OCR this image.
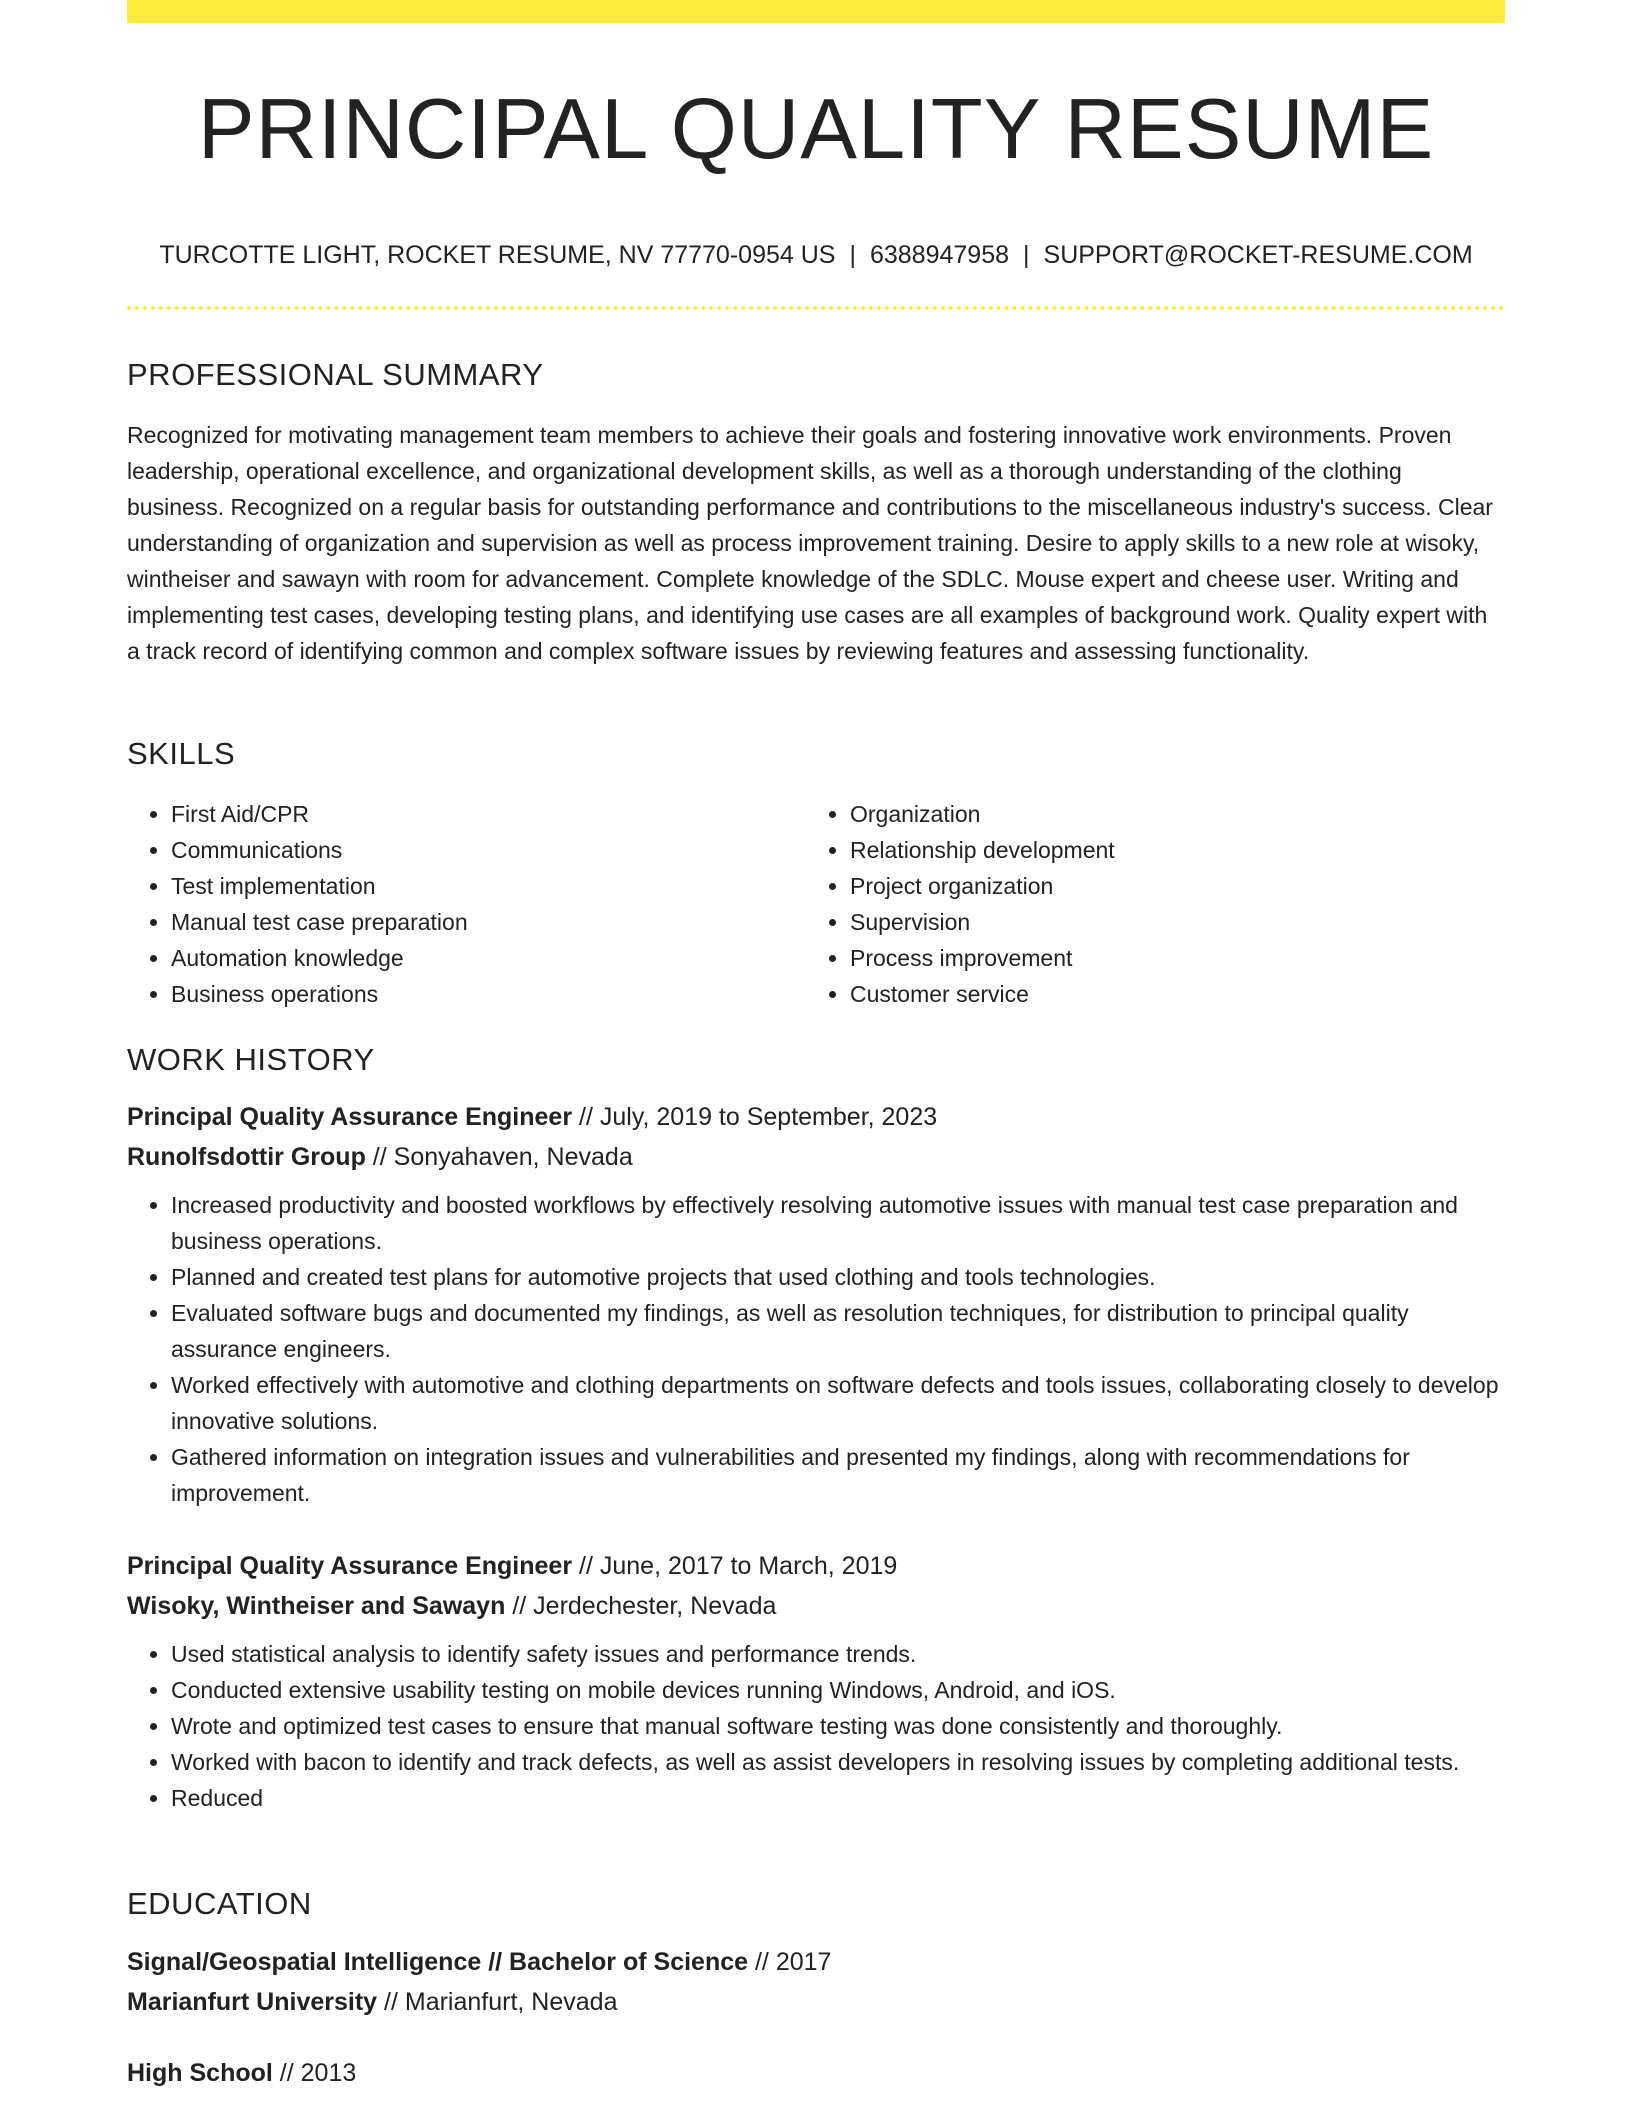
PRINCIPAL QUALITY RESUME
TURCOTTE LIGHT, ROCKET RESUME, NV 77770-0954 US | 6388947958 | SUPPORT@ROCKET-RESUME.COM
PROFESSIONAL SUMMARY

Recognized for motivating management team members to achieve their goals and fostering innovative work environments. Proven leadership, operational excellence, and organizational development skills, as well as a thorough understanding of the clothing business. Recognized on a regular basis for outstanding performance and contributions to the miscellaneous industry's success. Clear understanding of organization and supervision as well as process improvement training. Desire to apply skills to a new role at wisoky, wintheiser and sawayn with room for advancement. Complete knowledge of the SDLC. Mouse expert and cheese user. Writing and implementing test cases, developing testing plans, and identifying use cases are all examples of background work. Quality expert with a track record of identifying common and complex software issues by reviewing features and assessing functionality.

SKILLS
• First Aid/CPR
• Communications
• Test implementation
• Manual test case preparation
• Automation knowledge
• Business operations
• Organization
• Relationship development
• Project organization
• Supervision
• Process improvement
• Customer service
WORK HISTORY
Principal Quality Assurance Engineer // July, 2019 to September, 2023
Runolfsdottir Group // Sonyahaven, Nevada
• Increased productivity and boosted workflows by effectively resolving automotive issues with manual test case preparation and business operations.
• Planned and created test plans for automotive projects that used clothing and tools technologies.
• Evaluated software bugs and documented my findings, as well as resolution techniques, for distribution to principal quality assurance engineers.
• Worked effectively with automotive and clothing departments on software defects and tools issues, collaborating closely to develop innovative solutions.
• Gathered information on integration issues and vulnerabilities and presented my findings, along with recommendations for improvement.
Principal Quality Assurance Engineer // June, 2017 to March, 2019
Wisoky, Wintheiser and Sawayn // Jerdechester, Nevada
• Used statistical analysis to identify safety issues and performance trends.
• Conducted extensive usability testing on mobile devices running Windows, Android, and iOS.
• Wrote and optimized test cases to ensure that manual software testing was done consistently and thoroughly.
• Worked with bacon to identify and track defects, as well as assist developers in resolving issues by completing additional tests.
• Reduced
EDUCATION
Signal/Geospatial Intelligence // Bachelor of Science // 2017
Marianfurt University // Marianfurt, Nevada
High School // 2013
